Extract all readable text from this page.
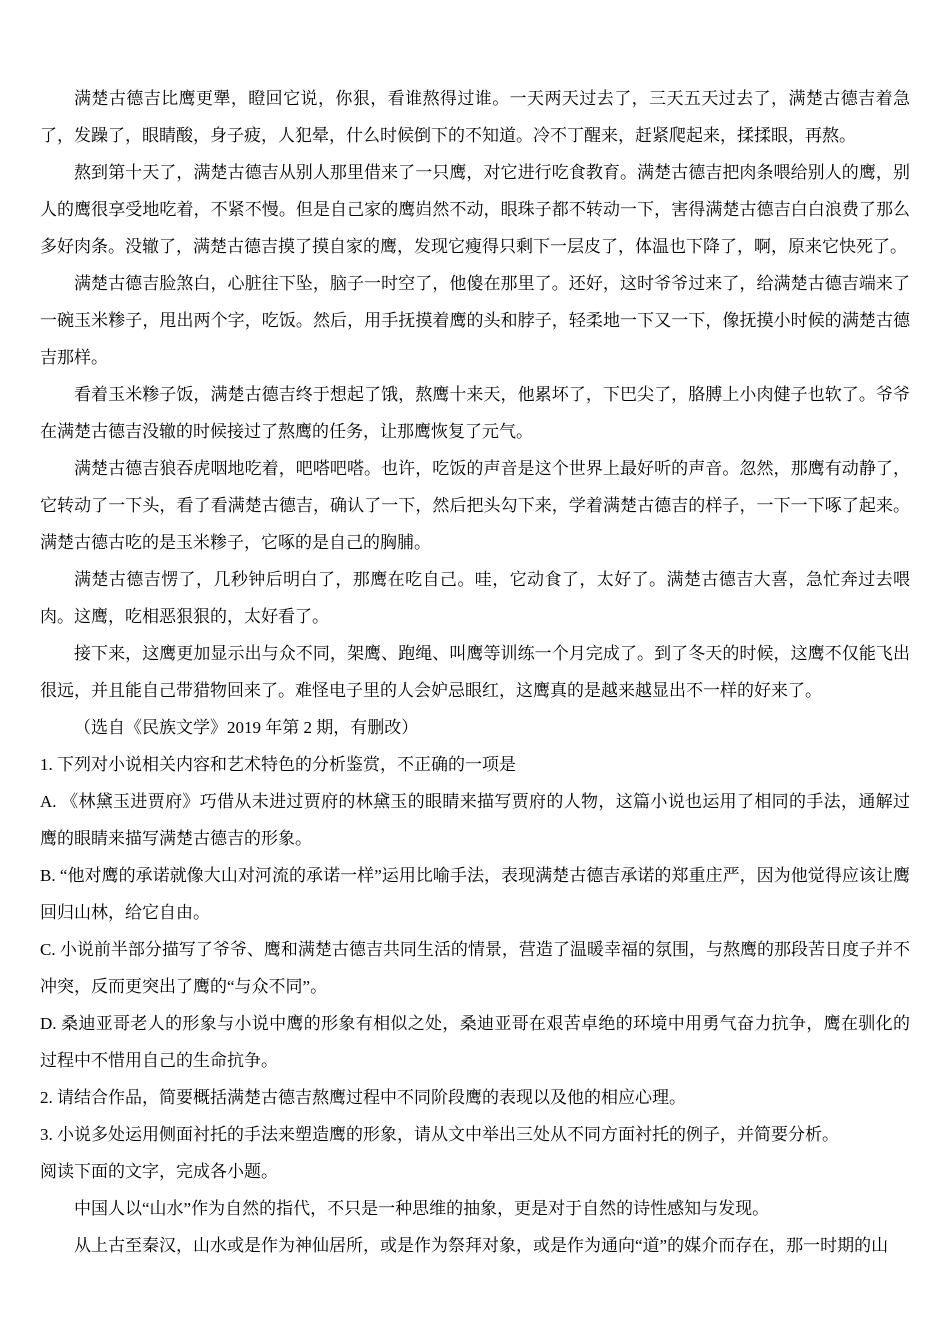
满楚古德吉比鹰更犟，瞪回它说，你狠，看谁熬得过谁。一天两天过去了，三天五天过去了，满楚古德吉着急了，发躁了，眼睛酸，身子疲，人犯晕，什么时候倒下的不知道。冷不丁醒来，赶紧爬起来，揉揉眼，再熬。

熬到第十天了，满楚古德吉从别人那里借来了一只鹰，对它进行吃食教育。满楚古德吉把肉条喂给别人的鹰，别人的鹰很享受地吃着，不紧不慢。但是自己家的鹰岿然不动，眼珠子都不转动一下，害得满楚古德吉白白浪费了那么多好肉条。没辙了，满楚古德吉摸了摸自家的鹰，发现它瘦得只剩下一层皮了，体温也下降了，啊，原来它快死了。

满楚古德吉脸煞白，心脏往下坠，脑子一时空了，他傻在那里了。还好，这时爷爷过来了，给满楚古德吉端来了一碗玉米糁子，甩出两个字，吃饭。然后，用手抚摸着鹰的头和脖子，轻柔地一下又一下，像抚摸小时候的满楚古德吉那样。

看着玉米糁子饭，满楚古德吉终于想起了饿，熬鹰十来天，他累坏了，下巴尖了，胳膊上小肉健子也软了。爷爷在满楚古德吉没辙的时候接过了熬鹰的任务，让那鹰恢复了元气。

满楚古德吉狼吞虎咽地吃着，吧嗒吧嗒。也许，吃饭的声音是这个世界上最好听的声音。忽然，那鹰有动静了，它转动了一下头，看了看满楚古德吉，确认了一下，然后把头勾下来，学着满楚古德吉的样子，一下一下啄了起来。满楚古德古吃的是玉米糁子，它啄的是自己的胸脯。

满楚古德吉愣了，几秒钟后明白了，那鹰在吃自己。哇，它动食了，太好了。满楚古德吉大喜，急忙奔过去喂肉。这鹰，吃相恶狠狠的，太好看了。

接下来，这鹰更加显示出与众不同，架鹰、跑绳、叫鹰等训练一个月完成了。到了冬天的时候，这鹰不仅能飞出很远，并且能自己带猎物回来了。难怪电子里的人会妒忌眼红，这鹰真的是越来越显出不一样的好来了。

（选自《民族文学》2019 年第 2 期，有删改）

1. 下列对小说相关内容和艺术特色的分析鉴赏，不正确的一项是

A. 《林黛玉进贾府》巧借从未进过贾府的林黛玉的眼睛来描写贾府的人物，这篇小说也运用了相同的手法，通解过鹰的眼睛来描写满楚古德吉的形象。

B. “他对鹰的承诺就像大山对河流的承诺一样”运用比喻手法，表现满楚古德吉承诺的郑重庄严，因为他觉得应该让鹰回归山林，给它自由。

C. 小说前半部分描写了爷爷、鹰和满楚古德吉共同生活的情景，营造了温暖幸福的氛围，与熬鹰的那段苦日度子并不冲突，反而更突出了鹰的“与众不同”。

D. 桑迪亚哥老人的形象与小说中鹰的形象有相似之处，桑迪亚哥在艰苦卓绝的环境中用勇气奋力抗争，鹰在驯化的过程中不惜用自己的生命抗争。

2. 请结合作品，简要概括满楚古德吉熬鹰过程中不同阶段鹰的表现以及他的相应心理。

3. 小说多处运用侧面衬托的手法来塑造鹰的形象，请从文中举出三处从不同方面衬托的例子，并简要分析。

阅读下面的文字，完成各小题。

中国人以“山水”作为自然的指代，不只是一种思维的抽象，更是对于自然的诗性感知与发现。

从上古至秦汉，山水或是作为神仙居所，或是作为祭拜对象，或是作为通向“道”的媒介而存在，那一时期的山
